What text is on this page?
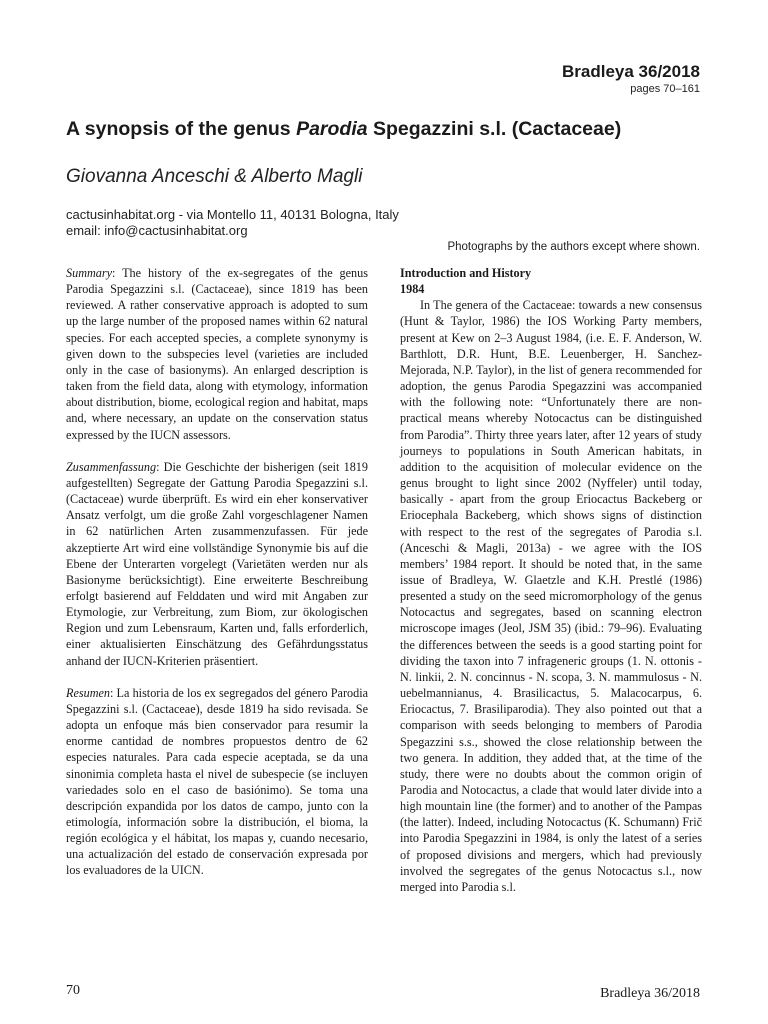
Bradleya 36/2018
pages 70–161
A synopsis of the genus Parodia Spegazzini s.l. (Cactaceae)
Giovanna Anceschi & Alberto Magli
cactusinhabitat.org - via Montello 11, 40131 Bologna, Italy
email: info@cactusinhabitat.org
Photographs by the authors except where shown.

Summary: The history of the ex-segregates of the genus Parodia Spegazzini s.l. (Cactaceae), since 1819 has been reviewed. A rather conservative approach is adopted to sum up the large number of the proposed names within 62 natural species. For each accepted species, a complete synonymy is given down to the subspecies level (varieties are included only in the case of basionyms). An enlarged description is taken from the field data, along with etymology, information about distribution, biome, ecological region and habitat, maps and, where necessary, an update on the conservation status expressed by the IUCN assessors.

Zusammenfassung: Die Geschichte der bisherigen (seit 1819 aufgestellten) Segregate der Gattung Parodia Spegazzini s.l. (Cactaceae) wurde überprüft. Es wird ein eher konservativer Ansatz verfolgt, um die große Zahl vorgeschlagener Namen in 62 natürlichen Arten zusammenzufassen. Für jede akzeptierte Art wird eine vollständige Synonymie bis auf die Ebene der Unterarten vorgelegt (Varietäten werden nur als Basionyme berücksichtigt). Eine erweiterte Beschreibung erfolgt basierend auf Felddaten und wird mit Angaben zur Etymologie, zur Verbreitung, zum Biom, zur ökologischen Region und zum Lebensraum, Karten und, falls erforderlich, einer aktualisierten Einschätzung des Gefährdungsstatus anhand der IUCN-Kriterien präsentiert.

Resumen: La historia de los ex segregados del género Parodia Spegazzini s.l. (Cactaceae), desde 1819 ha sido revisada. Se adopta un enfoque más bien conservador para resumir la enorme cantidad de nombres propuestos dentro de 62 especies naturales. Para cada especie aceptada, se da una sinonimia completa hasta el nivel de subespecie (se incluyen variedades solo en el caso de basiónimo). Se toma una descripción expandida por los datos de campo, junto con la etimología, información sobre la distribución, el bioma, la región ecológica y el hábitat, los mapas y, cuando necesario, una actualización del estado de conservación expresada por los evaluadores de la UICN.

Introduction and History
1984

In The genera of the Cactaceae: towards a new consensus (Hunt & Taylor, 1986) the IOS Working Party members, present at Kew on 2–3 August 1984, (i.e. E. F. Anderson, W. Barthlott, D.R. Hunt, B.E. Leuenberger, H. Sanchez-Mejorada, N.P. Taylor), in the list of genera recommended for adoption, the genus Parodia Spegazzini was accompanied with the following note: “Unfortunately there are non-practical means whereby Notocactus can be distinguished from Parodia”. Thirty three years later, after 12 years of study journeys to populations in South American habitats, in addition to the acquisition of molecular evidence on the genus brought to light since 2002 (Nyffeler) until today, basically - apart from the group Eriocactus Backeberg or Eriocephala Backeberg, which shows signs of distinction with respect to the rest of the segregates of Parodia s.l. (Anceschi & Magli, 2013a) - we agree with the IOS members’ 1984 report. It should be noted that, in the same issue of Bradleya, W. Glaetzle and K.H. Prestlé (1986) presented a study on the seed micromorphology of the genus Notocactus and segregates, based on scanning electron microscope images (Jeol, JSM 35) (ibid.: 79–96). Evaluating the differences between the seeds is a good starting point for dividing the taxon into 7 infrageneric groups (1. N. ottonis - N. linkii, 2. N. concinnus - N. scopa, 3. N. mammulosus - N. uebelmannianus, 4. Brasilicactus, 5. Malacocarpus, 6. Eriocactus, 7. Brasiliparodia). They also pointed out that a comparison with seeds belonging to members of Parodia Spegazzini s.s., showed the close relationship between the two genera. In addition, they added that, at the time of the study, there were no doubts about the common origin of Parodia and Notocactus, a clade that would later divide into a high mountain line (the former) and to another of the Pampas (the latter). Indeed, including Notocactus (K. Schumann) Frič into Parodia Spegazzini in 1984, is only the latest of a series of proposed divisions and mergers, which had previously involved the segregates of the genus Notocactus s.l., now merged into Parodia s.l.

70	Bradleya 36/2018
